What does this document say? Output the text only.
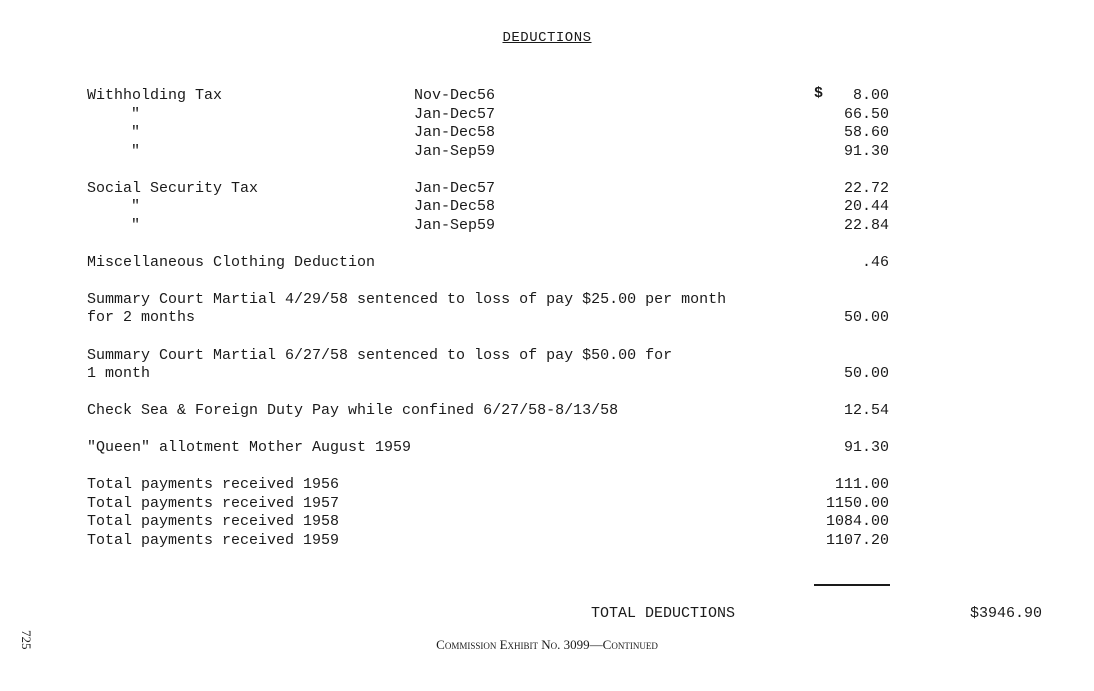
DEDUCTIONS
Withholding Tax	Nov-Dec56	$ 8.00
"	Jan-Dec57	66.50
"	Jan-Dec58	58.60
"	Jan-Sep59	91.30
Social Security Tax	Jan-Dec57	22.72
"	Jan-Dec58	20.44
"	Jan-Sep59	22.84
Miscellaneous Clothing Deduction	.46
Summary Court Martial 4/29/58 sentenced to loss of pay $25.00 per month
for 2 months	50.00
Summary Court Martial 6/27/58 sentenced to loss of pay $50.00 for
1 month	50.00
Check Sea & Foreign Duty Pay while confined 6/27/58-8/13/58	12.54
"Queen" allotment Mother August 1959	91.30
Total payments received 1956	111.00
Total payments received 1957	1150.00
Total payments received 1958	1084.00
Total payments received 1959	1107.20
TOTAL DEDUCTIONS	$3946.90
Commission Exhibit No. 3099—Continued
725
